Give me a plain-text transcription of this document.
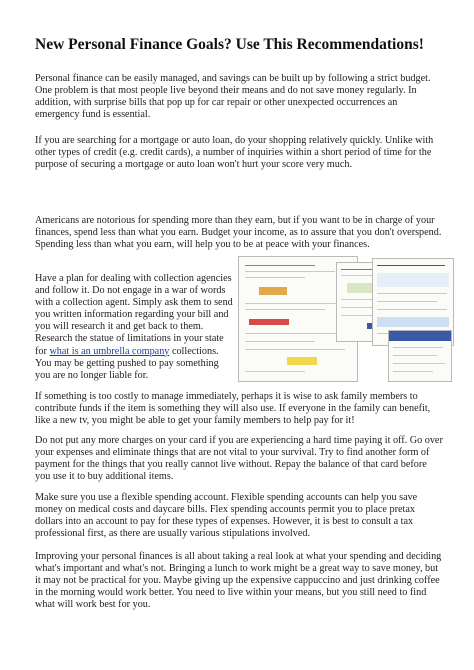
New Personal Finance Goals? Use This Recommendations!

Personal finance can be easily managed, and savings can be built up by following a strict budget. One problem is that most people live beyond their means and do not save money regularly. In addition, with surprise bills that pop up for car repair or other unexpected occurrences an emergency fund is essential.

If you are searching for a mortgage or auto loan, do your shopping relatively quickly. Unlike with other types of credit (e.g. credit cards), a number of inquiries within a short period of time for the purpose of securing a mortgage or auto loan won't hurt your score very much.

Americans are notorious for spending more than they earn, but if you want to be in charge of your finances, spend less than what you earn. Budget your income, as to assure that you don't overspend. Spending less than what you earn, will help you to be at peace with your finances.

Have a plan for dealing with collection agencies and follow it. Do not engage in a war of words with a collection agent. Simply ask them to send you written information regarding your bill and you will research it and get back to them. Research the statue of limitations in your state for what is an umbrella company collections. You may be getting pushed to pay something you are no longer liable for.

If something is too costly to manage immediately, perhaps it is wise to ask family members to contribute funds if the item is something they will also use. If everyone in the family can benefit, like a new tv, you might be able to get your family members to help pay for it!

Do not put any more charges on your card if you are experiencing a hard time paying it off. Go over your expenses and eliminate things that are not vital to your survival. Try to find another form of payment for the things that you really cannot live without. Repay the balance of that card before you use it to buy additional items.

Make sure you use a flexible spending account. Flexible spending accounts can help you save money on medical costs and daycare bills. Flex spending accounts permit you to place pretax dollars into an account to pay for these types of expenses. However, it is best to consult a tax professional first, as there are usually various stipulations involved.

Improving your personal finances is all about taking a real look at what your spending and deciding what's important and what's not. Bringing a lunch to work might be a great way to save money, but it may not be practical for you. Maybe giving up the expensive cappuccino and just drinking coffee in the morning would work better. You need to live within your means, but you still need to find what will work best for you.
